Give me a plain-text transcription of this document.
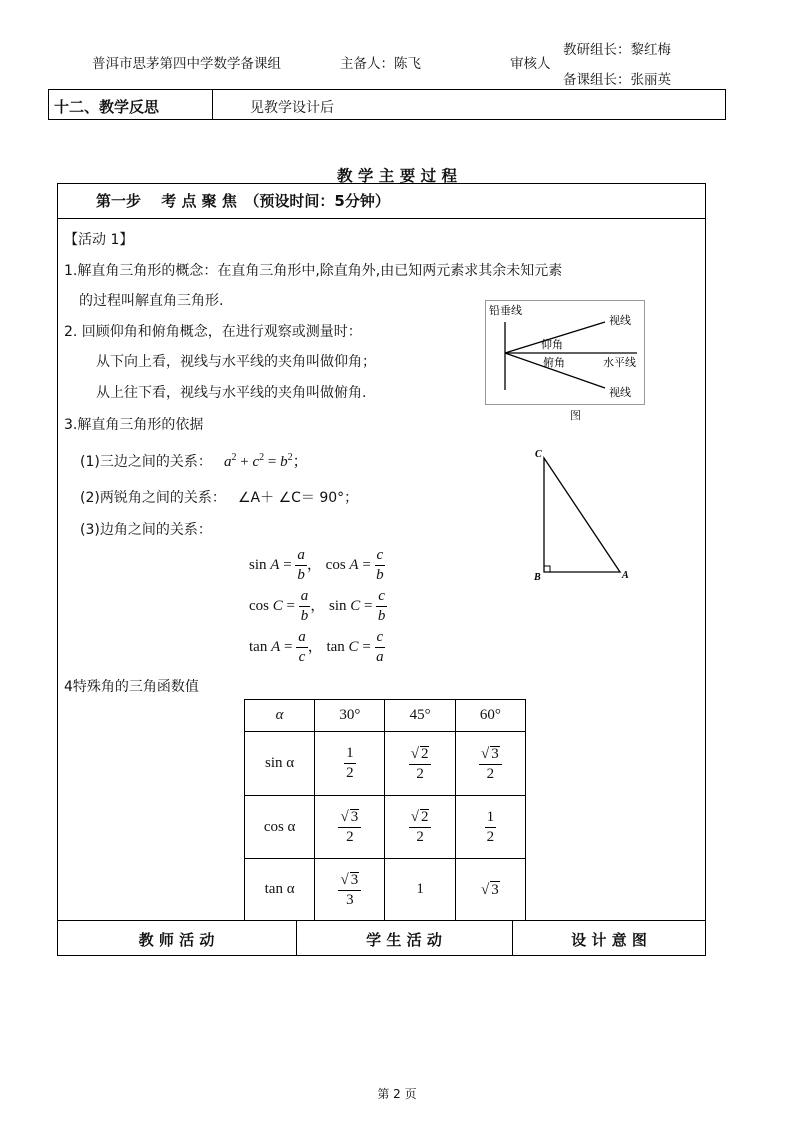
普洱市思茅第四中学数学备课组	主备人：陈飞	审核人
教研组长：黎红梅
备课组长：张丽英
十二、教学反思	见教学设计后
教 学 主 要 过 程
第一步　 考 点 聚 焦　（预设时间：5分钟）
【活动 1】
1.解直角三角形的概念：在直角三角形中,除直角外,由已知两元素求其余未知元素
的过程叫解直角三角形.
2. 回顾仰角和俯角概念，在进行观察或测量时：
从下向上看，视线与水平线的夹角叫做仰角；
从上往下看，视线与水平线的夹角叫做俯角.
3.解直角三角形的依据
(1)三边之间的关系： $a^2 + c^2 = b^2$；
(2)两锐角之间的关系： ∠A＋ ∠C＝ 90°；
(3)边角之间的关系：
$\sin A = \frac{a}{b}$ ， $\cos A = \frac{c}{b}$
$\cos C = \frac{a}{b}$ ， $\sin C = \frac{c}{b}$
$\tan A = \frac{a}{c}$ ， $\tan C = \frac{c}{a}$
4特殊角的三角函数值
铅垂线
视线
仰角
俯角	水平线
视线
图
C
B	A
α	30°	45°	60°
sin α	$\frac{1}{2}$	$\frac{√ 2}{2}$	$\frac{√ 3}{2}$

cos α	$\frac{√ 3}{2}$	$\frac{√ 2}{2}$	$\frac{1}{2}$

tan α	$\frac{√ 3}{3}$	1	√ 3
教 师 活 动	学 生 活 动	设 计 意 图
第 2 页
